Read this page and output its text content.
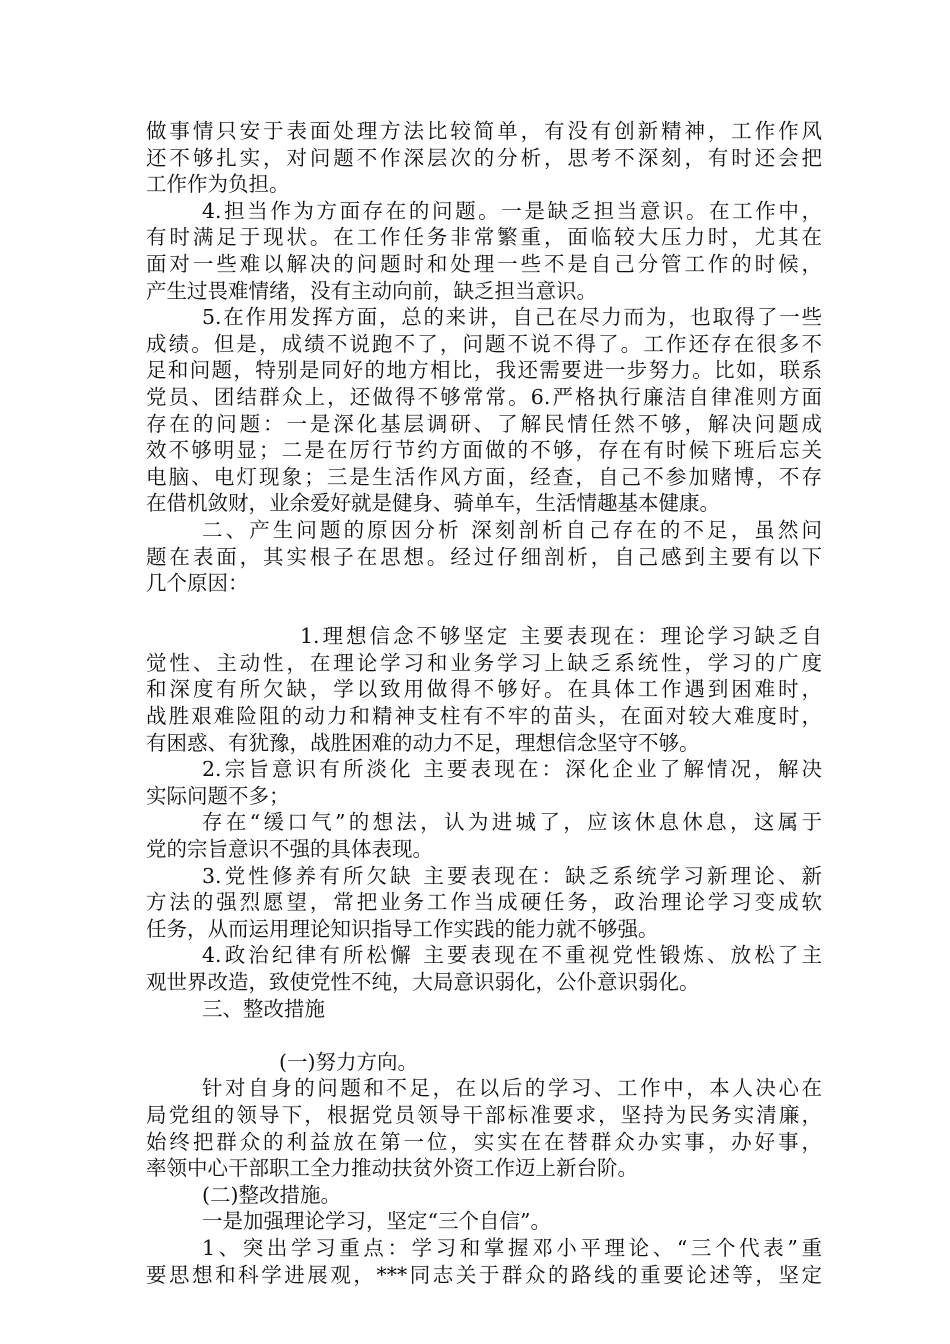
做事情只安于表面处理方法比较简单，有没有创新精神，工作作风
还不够扎实，对问题不作深层次的分析，思考不深刻，有时还会把
工作作为负担。
4.担当作为方面存在的问题。一是缺乏担当意识。在工作中，
有时满足于现状。在工作任务非常繁重，面临较大压力时，尤其在
面对一些难以解决的问题时和处理一些不是自己分管工作的时候，
产生过畏难情绪，没有主动向前，缺乏担当意识。
5.在作用发挥方面，总的来讲，自己在尽力而为，也取得了一些
成绩。但是，成绩不说跑不了，问题不说不得了。工作还存在很多不
足和问题，特别是同好的地方相比，我还需要进一步努力。比如，联系
党员、团结群众上，还做得不够常常。6.严格执行廉洁自律准则方面
存在的问题：一是深化基层调研、了解民情任然不够，解决问题成
效不够明显；二是在厉行节约方面做的不够，存在有时候下班后忘关
电脑、电灯现象；三是生活作风方面，经查，自己不参加赌博，不存
在借机敛财，业余爱好就是健身、骑单车，生活情趣基本健康。
二、产生问题的原因分析 深刻剖析自己存在的不足，虽然问
题在表面，其实根子在思想。经过仔细剖析，自己感到主要有以下
几个原因：
1.理想信念不够坚定 主要表现在：理论学习缺乏自
觉性、主动性，在理论学习和业务学习上缺乏系统性，学习的广度
和深度有所欠缺，学以致用做得不够好。在具体工作遇到困难时，
战胜艰难险阻的动力和精神支柱有不牢的苗头，在面对较大难度时，
有困惑、有犹豫，战胜困难的动力不足，理想信念坚守不够。
2.宗旨意识有所淡化 主要表现在：深化企业了解情况，解决
实际问题不多；
存在“缓口气”的想法，认为进城了，应该休息休息，这属于
党的宗旨意识不强的具体表现。
3.党性修养有所欠缺 主要表现在：缺乏系统学习新理论、新
方法的强烈愿望，常把业务工作当成硬任务，政治理论学习变成软
任务，从而运用理论知识指导工作实践的能力就不够强。
4.政治纪律有所松懈 主要表现在不重视党性锻炼、放松了主
观世界改造，致使党性不纯，大局意识弱化，公仆意识弱化。
三、整改措施
(一)努力方向。
针对自身的问题和不足，在以后的学习、工作中，本人决心在
局党组的领导下，根据党员领导干部标准要求，坚持为民务实清廉，
始终把群众的利益放在第一位，实实在在替群众办实事，办好事，
率领中心干部职工全力推动扶贫外资工作迈上新台阶。
(二)整改措施。
一是加强理论学习，坚定“三个自信”。
1、突出学习重点：学习和掌握邓小平理论、“三个代表”重
要思想和科学进展观，***同志关于群众的路线的重要论述等，坚定
